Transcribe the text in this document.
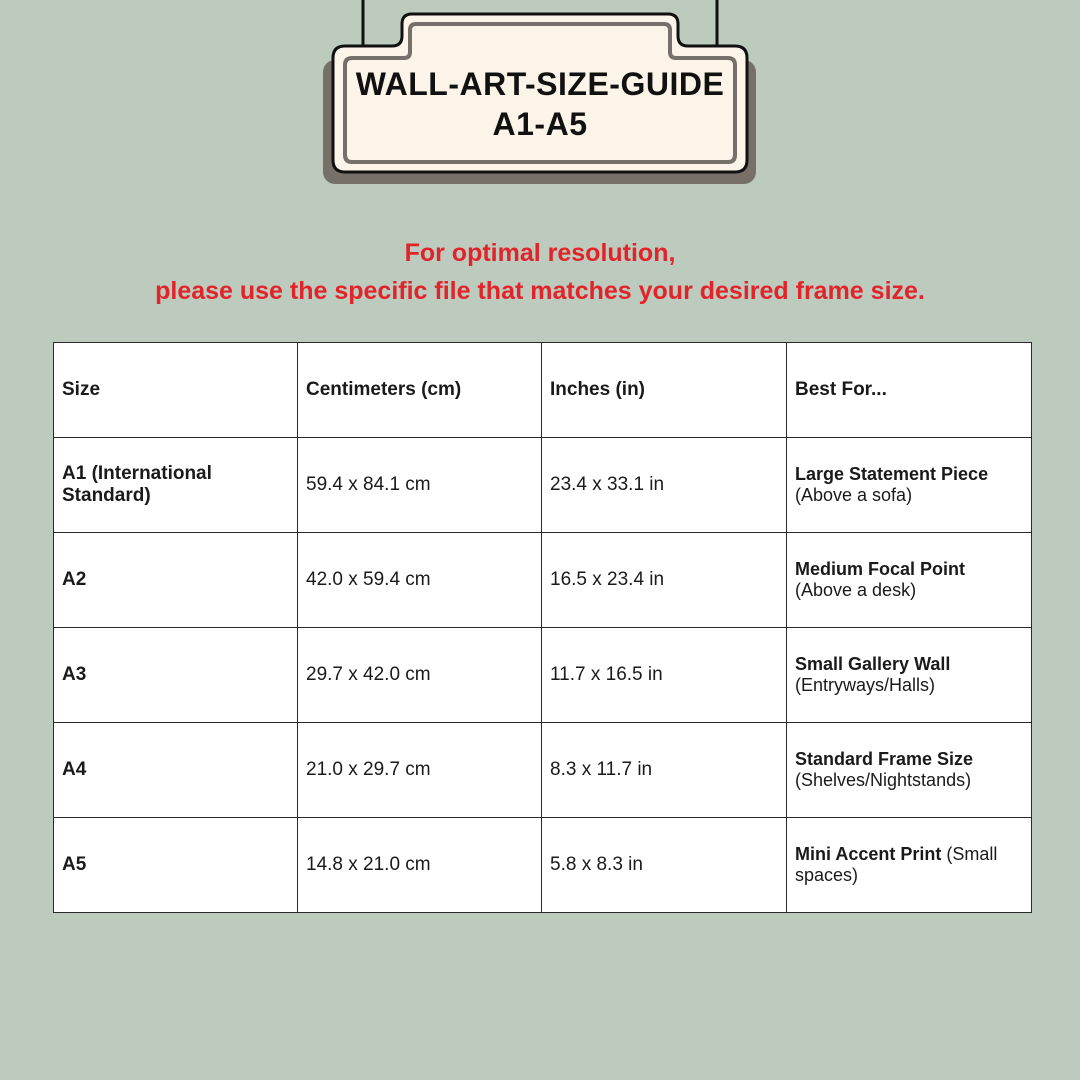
WALL-ART-SIZE-GUIDE
A1-A5
For optimal resolution,
please use the specific file that matches your desired frame size.
Size	Centimeters (cm)	Inches (in)	Best For...
A1 (International Standard)	59.4 x 84.1 cm	23.4 x 33.1 in	Large Statement Piece
(Above a sofa)
A2	42.0 x 59.4 cm	16.5 x 23.4 in	Medium Focal Point
(Above a desk)
A3	29.7 x 42.0 cm	11.7 x 16.5 in	Small Gallery Wall
(Entryways/Halls)
A4	21.0 x 29.7 cm	8.3 x 11.7 in	Standard Frame Size
(Shelves/Nightstands)
A5	14.8 x 21.0 cm	5.8 x 8.3 in	Mini Accent Print (Small spaces)
